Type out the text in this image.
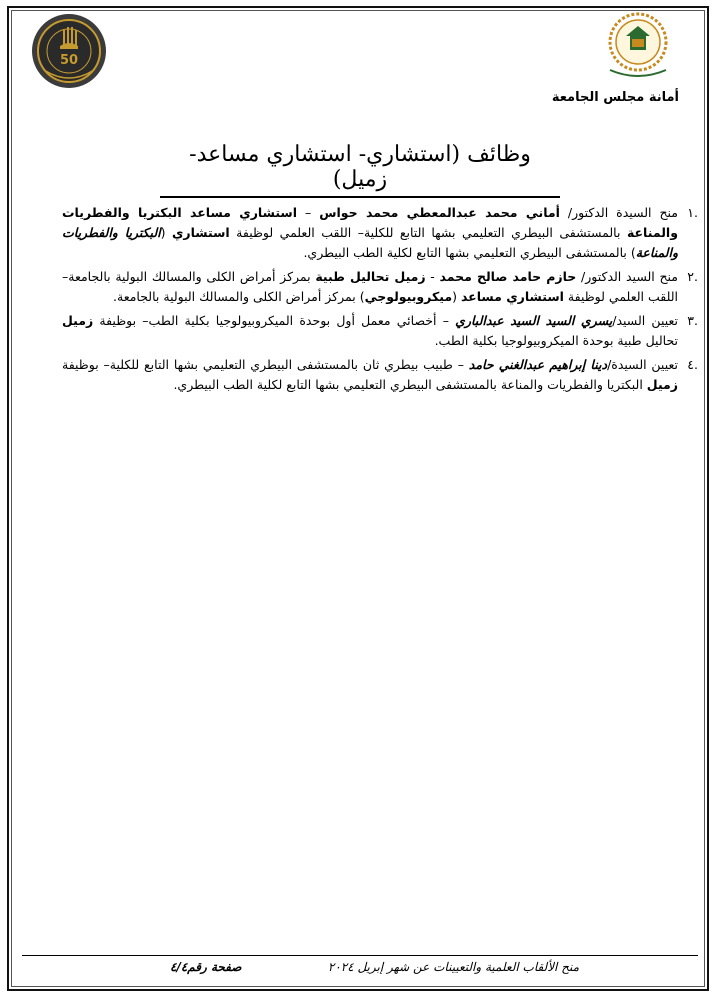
50
أمانة مجلس الجامعة
وظائف (استشاري- استشاري مساعد- زميل)

.١
منح السيدة الدكتور/ أماني محمد عبدالمعطي محمد حواس – استشاري مساعد البكتريا والفطريات والمناعة بالمستشفى البيطري التعليمي بشها التابع للكلية– اللقب العلمي لوظيفة استشاري (البكتريا والفطريات والمناعة) بالمستشفى البيطري التعليمي بشها التابع لكلية الطب البيطري.

.٢
منح السيد الدكتور/ حازم حامد صالح محمد - زميل تحاليل طبية بمركز أمراض الكلى والمسالك البولية بالجامعة– اللقب العلمي لوظيفة استشاري مساعد (ميكروبيولوجي) بمركز أمراض الكلى والمسالك البولية بالجامعة.

.٣
تعيين السيد/يسري السيد السيد عبدالباري – أخصائي معمل أول بوحدة الميكروبيولوجيا بكلية الطب– بوظيفة زميل تحاليل طبية بوحدة الميكروبيولوجيا بكلية الطب.

.٤
تعيين السيدة/دينا إبراهيم عبدالغني حامد – طبيب بيطري ثان بالمستشفى البيطري التعليمي بشها التابع للكلية– بوظيفة زميل البكتريا والفطريات والمناعة بالمستشفى البيطري التعليمي بشها التابع لكلية الطب البيطري.

منح الألقاب العلمية والتعيينات عن شهر إبريل ٢٠٢٤
صفحة رقم٤/٤
